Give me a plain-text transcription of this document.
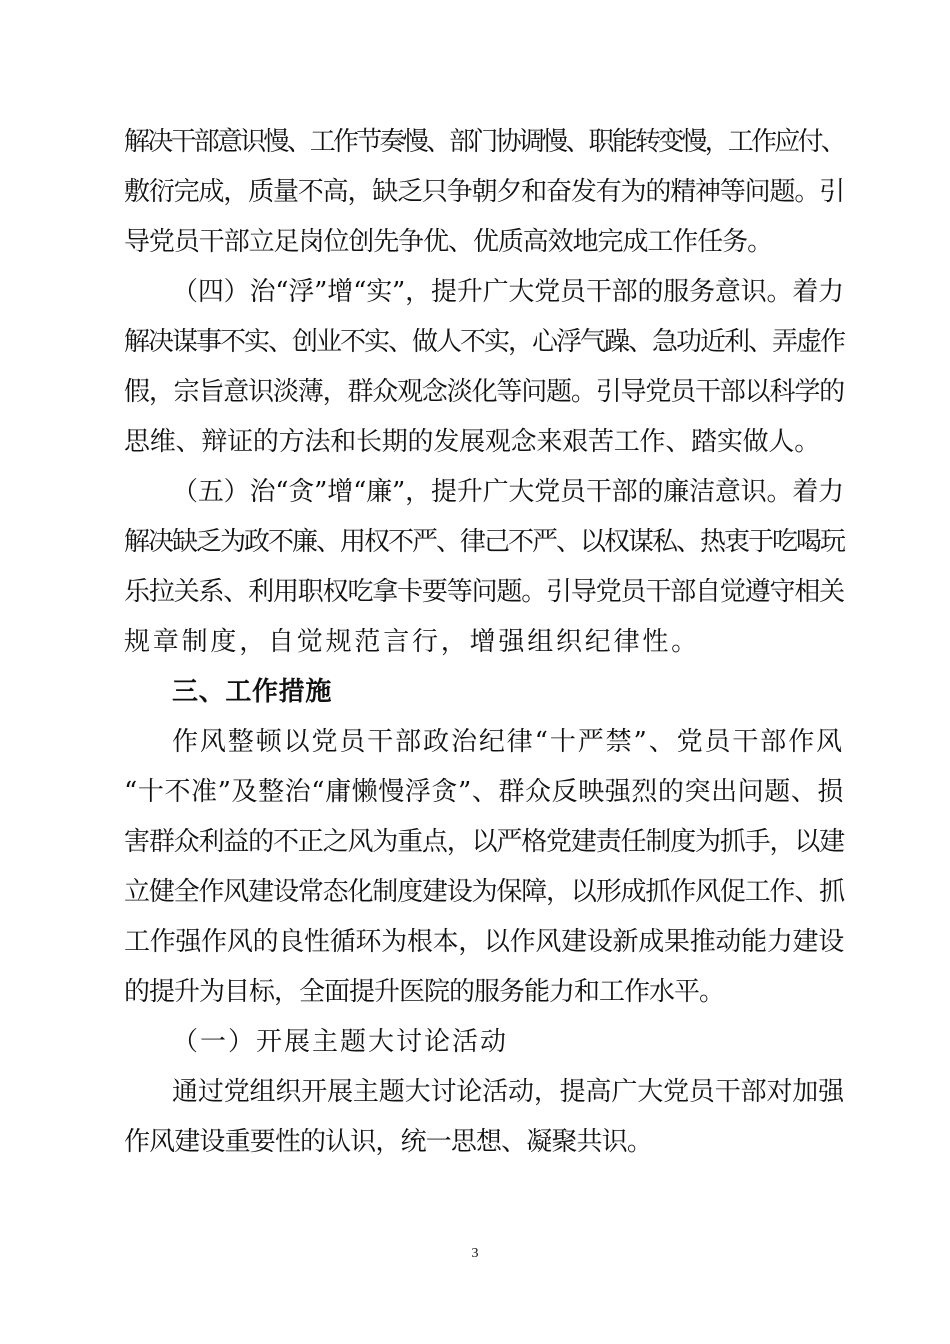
解决干部意识慢、工作节奏慢、部门协调慢、职能转变慢，工作应付、
敷衍完成，质量不高，缺乏只争朝夕和奋发有为的精神等问题。引
导党员干部立足岗位创先争优、优质高效地完成工作任务。
（四）治“浮”增“实”，提升广大党员干部的服务意识。着力
解决谋事不实、创业不实、做人不实，心浮气躁、急功近利、弄虚作
假，宗旨意识淡薄，群众观念淡化等问题。引导党员干部以科学的
思维、辩证的方法和长期的发展观念来艰苦工作、踏实做人。
（五）治“贪”增“廉”，提升广大党员干部的廉洁意识。着力
解决缺乏为政不廉、用权不严、律己不严、以权谋私、热衷于吃喝玩
乐拉关系、利用职权吃拿卡要等问题。引导党员干部自觉遵守相关
规章制度，自觉规范言行，增强组织纪律性。
三、工作措施
作风整顿以党员干部政治纪律“十严禁”、党员干部作风
“十不准”及整治“庸懒慢浮贪”、群众反映强烈的突出问题、损
害群众利益的不正之风为重点，以严格党建责任制度为抓手，以建
立健全作风建设常态化制度建设为保障，以形成抓作风促工作、抓
工作强作风的良性循环为根本，以作风建设新成果推动能力建设
的提升为目标，全面提升医院的服务能力和工作水平。
（一）开展主题大讨论活动
通过党组织开展主题大讨论活动，提高广大党员干部对加强
作风建设重要性的认识，统一思想、凝聚共识。
3
